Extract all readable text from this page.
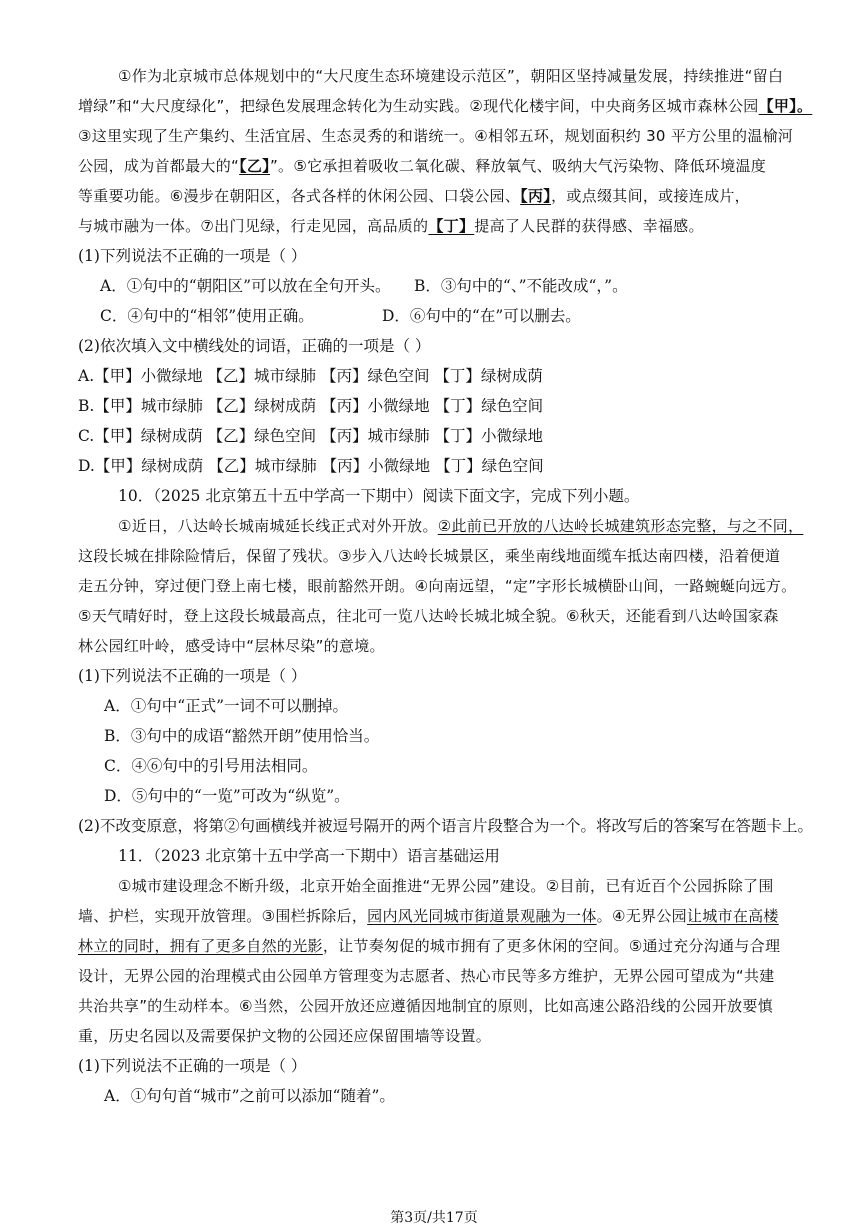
①作为北京城市总体规划中的“大尺度生态环境建设示范区”，朝阳区坚持减量发展，持续推进“留白
增绿”和“大尺度绿化”，把绿色发展理念转化为生动实践。②现代化楼宇间，中央商务区城市森林公园【甲】。
③这里实现了生产集约、生活宜居、生态灵秀的和谐统一。④相邻五环，规划面积约 30 平方公里的温榆河
公园，成为首都最大的“【乙】”。⑤它承担着吸收二氧化碳、释放氧气、吸纳大气污染物、降低环境温度
等重要功能。⑥漫步在朝阳区，各式各样的休闲公园、口袋公园、【丙】，或点缀其间，或接连成片，
与城市融为一体。⑦出门见绿，行走见园，高品质的【丁】提高了人民群的获得感、幸福感。
(1)下列说法不正确的一项是（ ）
A．①句中的“朝阳区”可以放在全句开头。 B．③句中的“、”不能改成“，”。
C．④句中的“相邻”使用正确。	D．⑥句中的“在”可以删去。
(2)依次填入文中横线处的词语，正确的一项是（ ）
A.【甲】小微绿地 【乙】城市绿肺 【丙】绿色空间 【丁】绿树成荫
B.【甲】城市绿肺 【乙】绿树成荫 【丙】小微绿地 【丁】绿色空间
C.【甲】绿树成荫 【乙】绿色空间 【丙】城市绿肺 【丁】小微绿地
D.【甲】绿树成荫 【乙】城市绿肺 【丙】小微绿地 【丁】绿色空间
10．（2025 北京第五十五中学高一下期中）阅读下面文字，完成下列小题。
①近日，八达岭长城南城延长线正式对外开放。②此前已开放的八达岭长城建筑形态完整，与之不同，
这段长城在排除险情后，保留了残状。③步入八达岭长城景区，乘坐南线地面缆车抵达南四楼，沿着便道
走五分钟，穿过便门登上南七楼，眼前豁然开朗。④向南远望，“定”字形长城横卧山间，一路蜿蜒向远方。
⑤天气晴好时，登上这段长城最高点，往北可一览八达岭长城北城全貌。⑥秋天，还能看到八达岭国家森
林公园红叶岭，感受诗中“层林尽染”的意境。
(1)下列说法不正确的一项是（ ）
A．①句中“正式”一词不可以删掉。
B．③句中的成语“豁然开朗”使用恰当。
C．④⑥句中的引号用法相同。
D．⑤句中的“一览”可改为“纵览”。
(2)不改变原意，将第②句画横线并被逗号隔开的两个语言片段整合为一个。将改写后的答案写在答题卡上。
11．（2023 北京第十五中学高一下期中）语言基础运用
①城市建设理念不断升级，北京开始全面推进“无界公园”建设。②目前，已有近百个公园拆除了围
墙、护栏，实现开放管理。③围栏拆除后，园内风光同城市街道景观融为一体。④无界公园让城市在高楼
林立的同时，拥有了更多自然的光影，让节奏匆促的城市拥有了更多休闲的空间。⑤通过充分沟通与合理
设计，无界公园的治理模式由公园单方管理变为志愿者、热心市民等多方维护，无界公园可望成为“共建
共治共享”的生动样本。⑥当然，公园开放还应遵循因地制宜的原则，比如高速公路沿线的公园开放要慎
重，历史名园以及需要保护文物的公园还应保留围墙等设置。
(1)下列说法不正确的一项是（ ）
A．①句句首“城市”之前可以添加“随着”。
第3页/共17页
